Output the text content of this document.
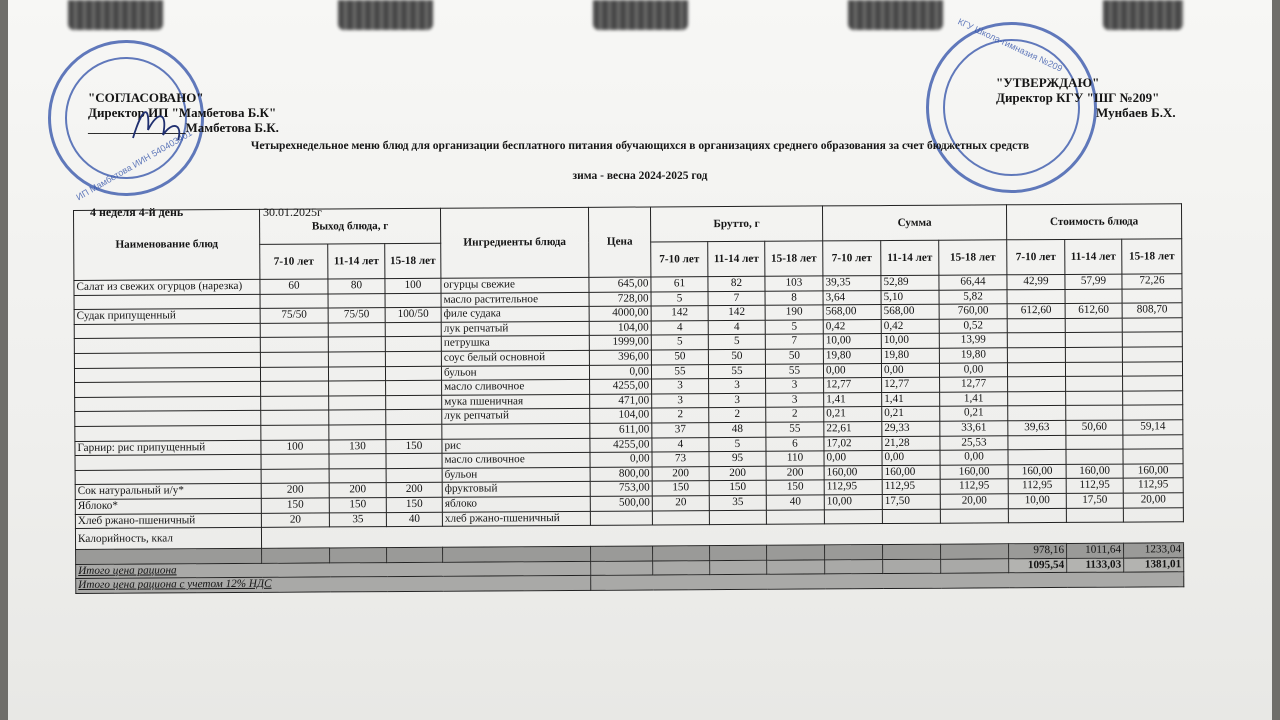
ИП Мамбетова ИИН 540403401
КГУ Школа-гимназия №209
"СОГЛАСОВАНО"
Директор ИП "Мамбетова Б.К"
_______________Мамбетова Б.К.
"УТВЕРЖДАЮ"
Директор КГУ "ШГ №209"
Мунбаев Б.Х.
Четырехнедельное меню блюд для организации бесплатного питания обучающихся в организациях среднего образования за счет бюджетных средств
зима - весна 2024-2025 год
4 неделя 4-й день	30.01.2025г
Наименование блюд	Выход блюда, г			Ингредиенты блюда	Цена	Брутто, г			Сумма			Стоимость блюда		
	7-10 лет	11-14 лет	15-18 лет			7-10 лет	11-14 лет	15-18 лет	7-10 лет	11-14 лет	15-18 лет	7-10 лет	11-14 лет	15-18 лет
Салат из свежих огурцов (нарезка)	60	80	100	огурцы свежие	645,00	61	82	103	39,35	52,89	66,44	42,99	57,99	72,26
				масло растительное	728,00	5	7	8	3,64	5,10	5,82			
Судак припущенный	75/50	75/50	100/50	филе судака	4000,00	142	142	190	568,00	568,00	760,00	612,60	612,60	808,70
				лук репчатый	104,00	4	4	5	0,42	0,42	0,52			
				петрушка	1999,00	5	5	7	10,00	10,00	13,99			
				соус белый основной	396,00	50	50	50	19,80	19,80	19,80			
				бульон	0,00	55	55	55	0,00	0,00	0,00			
				масло сливочное	4255,00	3	3	3	12,77	12,77	12,77			
				мука пшеничная	471,00	3	3	3	1,41	1,41	1,41			
				лук репчатый	104,00	2	2	2	0,21	0,21	0,21			
					611,00	37	48	55	22,61	29,33	33,61	39,63	50,60	59,14
Гарнир: рис припущенный	100	130	150	рис	4255,00	4	5	6	17,02	21,28	25,53			
				масло сливочное	0,00	73	95	110	0,00	0,00	0,00			
				бульон	800,00	200	200	200	160,00	160,00	160,00	160,00	160,00	160,00
Сок натуральный и/у*	200	200	200	фруктовый	753,00	150	150	150	112,95	112,95	112,95	112,95	112,95	112,95
Яблоко*	150	150	150	яблоко	500,00	20	35	40	10,00	17,50	20,00	10,00	17,50	20,00
Хлеб ржано-пшеничный	20	35	40	хлеб ржано-пшеничный										
Калорийность, ккал														
												978,16	1011,64	1233,04
Итого цена рациона												1095,54	1133,03	1381,01
Итого цена рациона с учетом 12% НДС														
